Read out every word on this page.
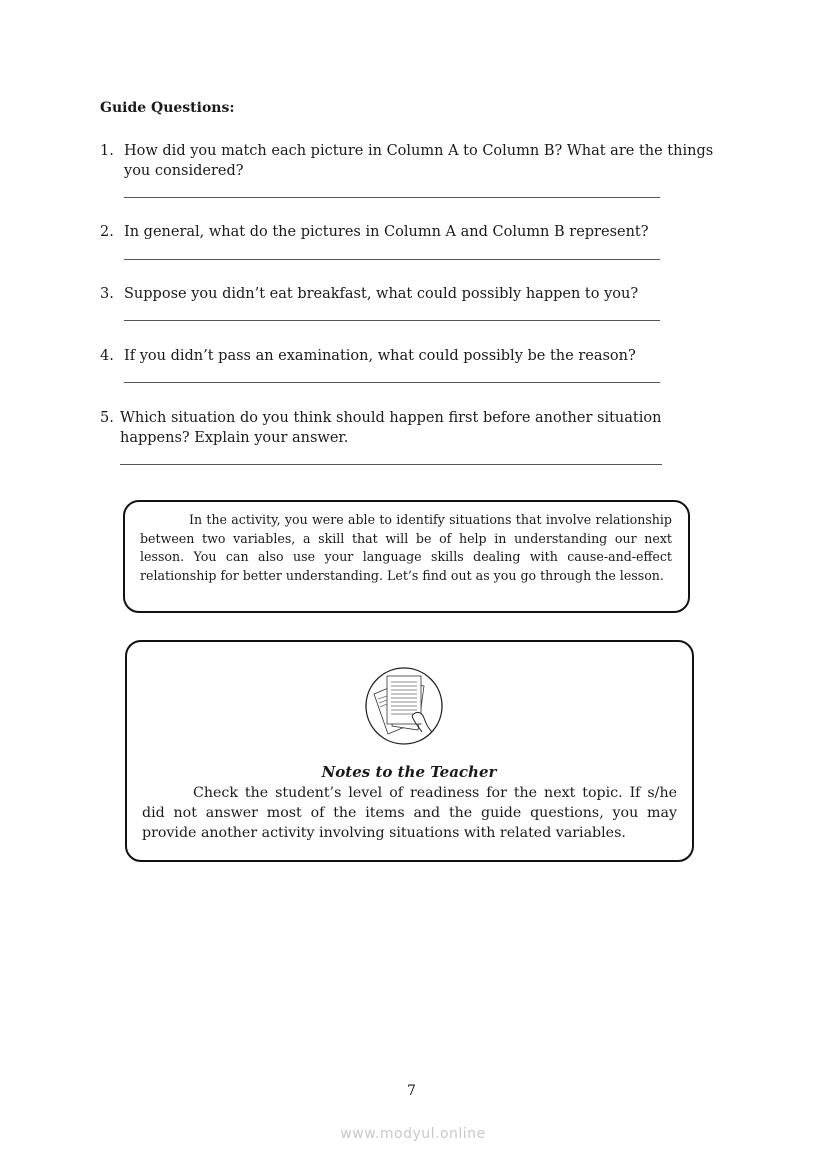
Guide Questions:
1. How did you match each picture in Column A to Column B? What are the things
you considered?
2. In general, what do the pictures in Column A and Column B represent?
3. Suppose you didn’t eat breakfast, what could possibly happen to you?
4. If you didn’t pass an examination, what could possibly be the reason?
5. Which situation do you think should happen first before another situation
happens? Explain your answer.
In the activity, you were able to identify situations that involve relationship between two variables, a skill that will be of help in understanding our next lesson. You can also use your language skills dealing with cause-and-effect relationship for better understanding. Let’s find out as you go through the lesson.
Notes to the Teacher
Check the student’s level of readiness for the next topic. If s/he did not answer most of the items and the guide questions, you may provide another activity involving situations with related variables.
7
www.modyul.online
